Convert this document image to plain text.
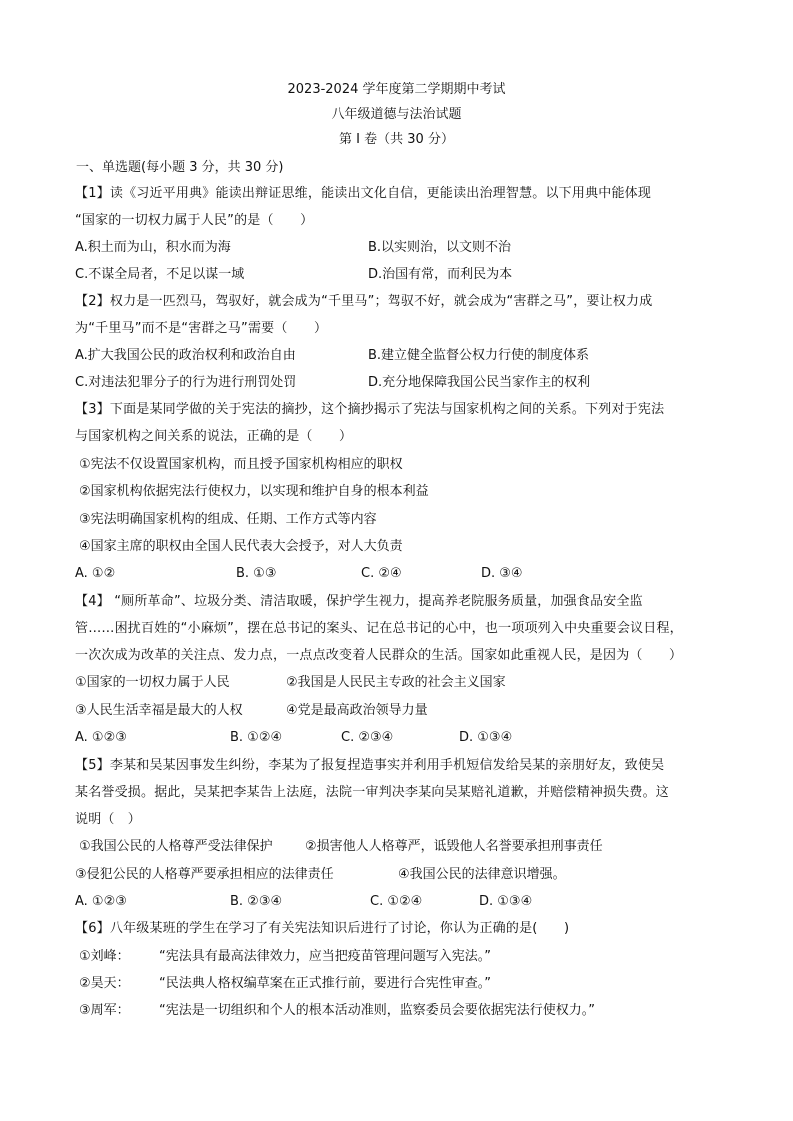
2023-2024 学年度第二学期期中考试
八年级道德与法治试题
第 I 卷（共 30 分）
一、单选题(每小题 3 分，共 30 分)
【1】读《习近平用典》能读出辩证思维，能读出文化自信，更能读出治理智慧。以下用典中能体现
“国家的一切权力属于人民”的是（　　）
A.积土而为山，积水而为海	B.以实则治，以文则不治
C.不谋全局者，不足以谋一域	D.治国有常，而利民为本
【2】权力是一匹烈马，驾驭好，就会成为“千里马”；驾驭不好，就会成为“害群之马”，要让权力成
为“千里马”而不是“害群之马”需要（　　）
A.扩大我国公民的政治权利和政治自由	B.建立健全监督公权力行使的制度体系
C.对违法犯罪分子的行为进行刑罚处罚	D.充分地保障我国公民当家作主的权利
【3】下面是某同学做的关于宪法的摘抄，这个摘抄揭示了宪法与国家机构之间的关系。下列对于宪法
与国家机构之间关系的说法，正确的是（　　）
①宪法不仅设置国家机构，而且授予国家机构相应的职权
②国家机构依据宪法行使权力，以实现和维护自身的根本利益
③宪法明确国家机构的组成、任期、工作方式等内容
④国家主席的职权由全国人民代表大会授予，对人大负责
A. ①②	B. ①③	C. ②④	D. ③④
【4】 “厕所革命”、垃圾分类、清洁取暖，保护学生视力，提高养老院服务质量，加强食品安全监
管……困扰百姓的“小麻烦”，摆在总书记的案头、记在总书记的心中，也一项项列入中央重要会议日程，
一次次成为改革的关注点、发力点，一点点改变着人民群众的生活。国家如此重视人民，是因为（　　）
①国家的一切权力属于人民	②我国是人民民主专政的社会主义国家
③人民生活幸福是最大的人权	④党是最高政治领导力量
A. ①②③	B. ①②④	C. ②③④	D. ①③④
【5】李某和吴某因事发生纠纷，李某为了报复捏造事实并利用手机短信发给吴某的亲朋好友，致使吴
某名誉受损。据此，吴某把李某告上法庭，法院一审判决李某向吴某赔礼道歉，并赔偿精神损失费。这
说明（　）
①我国公民的人格尊严受法律保护 ②损害他人人格尊严，诋毁他人名誉要承担刑事责任
③侵犯公民的人格尊严要承担相应的法律责任	④我国公民的法律意识增强。
A. ①②③	B. ②③④	C. ①②④	D. ①③④
【6】八年级某班的学生在学习了有关宪法知识后进行了讨论，你认为正确的是(　　)
①刘峰： “宪法具有最高法律效力，应当把疫苗管理问题写入宪法。”
②昊天： “民法典人格权编草案在正式推行前，要进行合宪性审查。”
③周军： “宪法是一切组织和个人的根本活动准则，监察委员会要依据宪法行使权力。”
